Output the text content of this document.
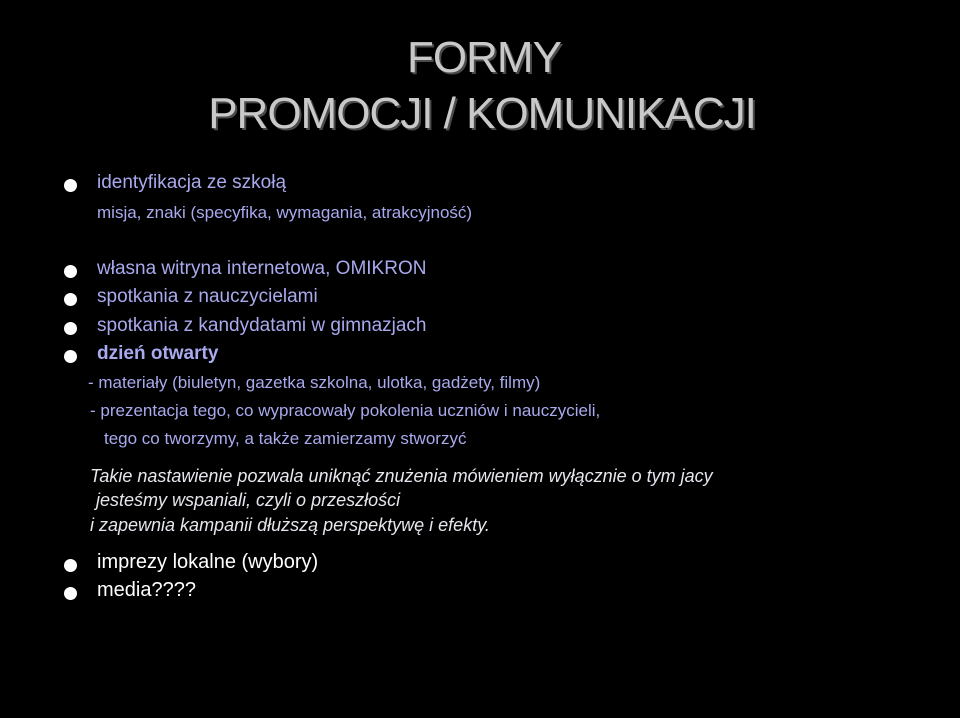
FORMY
PROMOCJI / KOMUNIKACJI
identyfikacja ze szkołą
misja, znaki (specyfika, wymagania, atrakcyjność)
własna witryna internetowa, OMIKRON
spotkania z nauczycielami
spotkania z kandydatami w gimnazjach
dzień otwarty
- materiały (biuletyn, gazetka szkolna, ulotka, gadżety, filmy)
- prezentacja tego, co wypracowały pokolenia uczniów i nauczycieli,
tego co tworzymy, a także zamierzamy stworzyć
Takie nastawienie pozwala uniknąć znużenia mówieniem wyłącznie o tym jacy
jesteśmy wspaniali, czyli o przeszłości
i zapewnia kampanii dłuższą perspektywę i efekty.
imprezy lokalne (wybory)
media????
